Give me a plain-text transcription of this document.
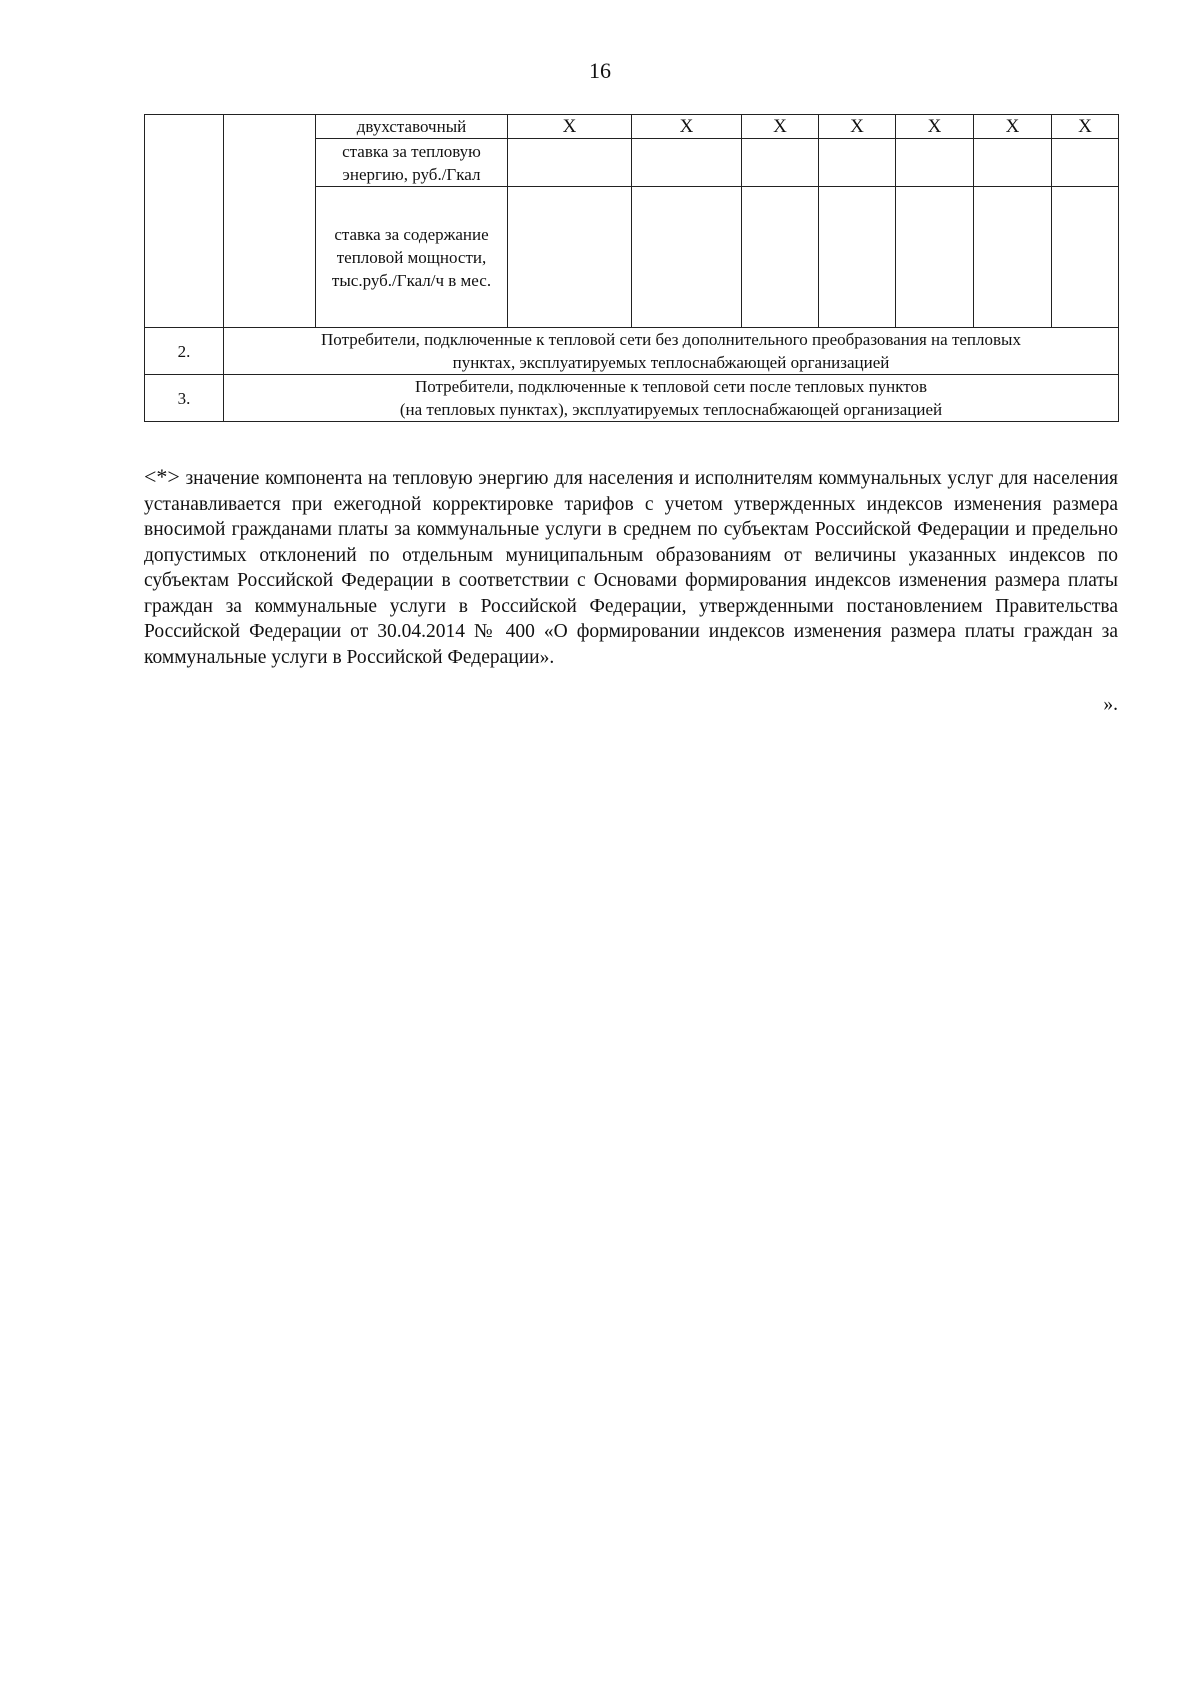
16
		двухставочный	X	X	X	X	X	X	X
		ставка за тепловую энергию, руб./Гкал							
		ставка за содержание тепловой мощности, тыс.руб./Гкал/ч в мес.							
2.	Потребители, подключенные к тепловой сети без дополнительного преобразования на тепловых
пунктах, эксплуатируемых теплоснабжающей организацией								
3.	Потребители, подключенные к тепловой сети после тепловых пунктов
(на тепловых пунктах), эксплуатируемых теплоснабжающей организацией								
<*> значение компонента на тепловую энергию для населения и исполнителям коммунальных услуг для населения устанавливается при ежегодной корректировке тарифов с учетом утвержденных индексов изменения размера вносимой гражданами платы за коммунальные услуги в среднем по субъектам Российской Федерации и предельно допустимых отклонений по отдельным муниципальным образованиям от величины указанных индексов по субъектам Российской Федерации в соответствии с Основами формирования индексов изменения размера платы граждан за коммунальные услуги в Российской Федерации, утвержденными постановлением Правительства Российской Федерации от 30.04.2014 № 400 «О формировании индексов изменения размера платы граждан за коммунальные услуги в Российской Федерации».
».
